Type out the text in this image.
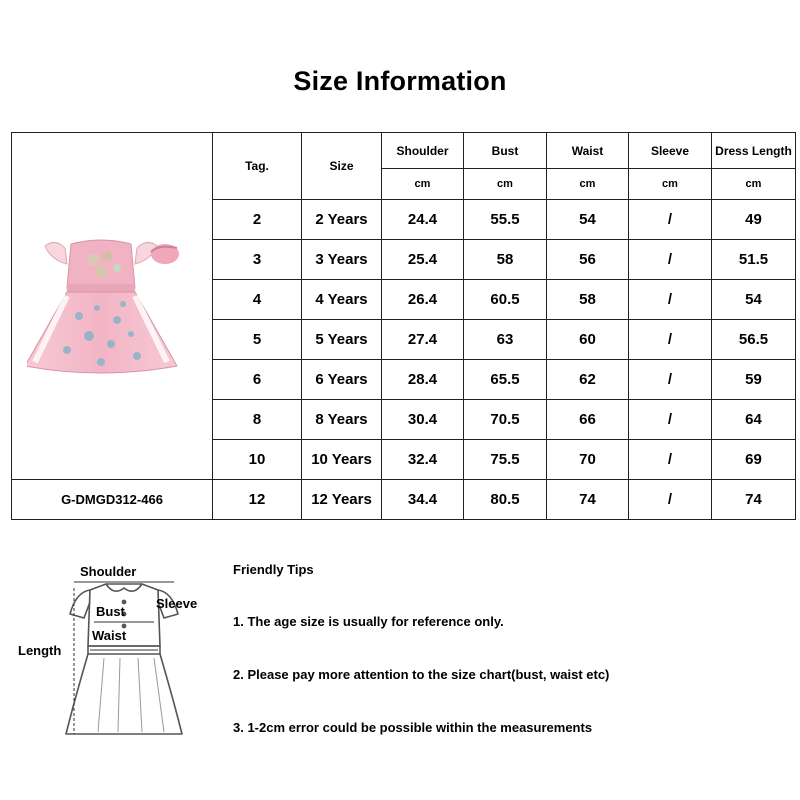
Size Information
	Tag.	Size	Shoulder	Bust	Waist	Sleeve	Dress Length
			cm	cm	cm	cm	cm
	2	2 Years	24.4	55.5	54	/	49
	3	3 Years	25.4	58	56	/	51.5
	4	4 Years	26.4	60.5	58	/	54
	5	5 Years	27.4	63	60	/	56.5
	6	6 Years	28.4	65.5	62	/	59
	8	8 Years	30.4	70.5	66	/	64
	10	10 Years	32.4	75.5	70	/	69
G-DMGD312-466	12	12 Years	34.4	80.5	74	/	74
Shoulder
Sleeve
Bust
Waist
Length
Friendly Tips
1. The age size is usually for reference only.
2. Please pay more attention to the size chart(bust, waist etc)
3. 1-2cm error could be possible within the measurements
